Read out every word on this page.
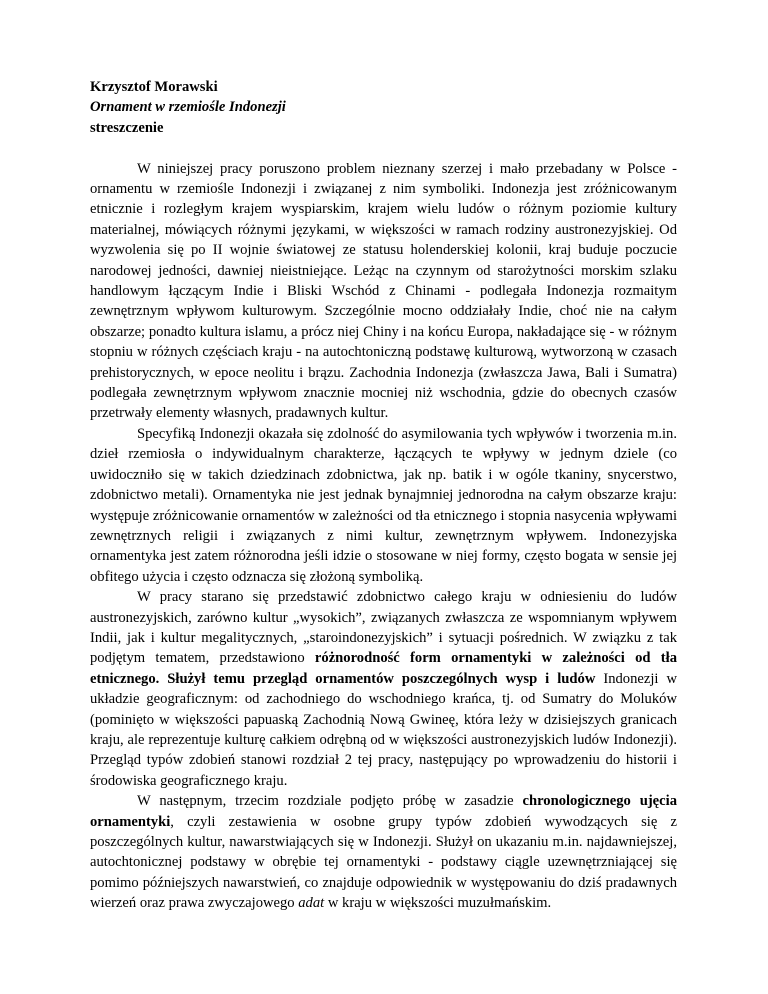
Krzysztof Morawski
Ornament w rzemiośle Indonezji
streszczenie

W niniejszej pracy poruszono problem nieznany szerzej i mało przebadany w Polsce - ornamentu w rzemiośle Indonezji i związanej z nim symboliki. Indonezja jest zróżnicowanym etnicznie i rozległym krajem wyspiarskim, krajem wielu ludów o różnym poziomie kultury materialnej, mówiących różnymi językami, w większości w ramach rodziny austronezyjskiej. Od wyzwolenia się po II wojnie światowej ze statusu holenderskiej kolonii, kraj buduje poczucie narodowej jedności, dawniej nieistniejące. Leżąc na czynnym od starożytności morskim szlaku handlowym łączącym Indie i Bliski Wschód z Chinami - podlegała Indonezja rozmaitym zewnętrznym wpływom kulturowym. Szczególnie mocno oddziałały Indie, choć nie na całym obszarze; ponadto kultura islamu, a prócz niej Chiny i na końcu Europa, nakładające się - w różnym stopniu w różnych częściach kraju - na autochtoniczną podstawę kulturową, wytworzoną w czasach prehistorycznych, w epoce neolitu i brązu. Zachodnia Indonezja (zwłaszcza Jawa, Bali i Sumatra) podlegała zewnętrznym wpływom znacznie mocniej niż wschodnia, gdzie do obecnych czasów przetrwały elementy własnych, pradawnych kultur.

Specyfiką Indonezji okazała się zdolność do asymilowania tych wpływów i tworzenia m.in. dzieł rzemiosła o indywidualnym charakterze, łączących te wpływy w jednym dziele (co uwidoczniło się w takich dziedzinach zdobnictwa, jak np. batik i w ogóle tkaniny, snycerstwo, zdobnictwo metali). Ornamentyka nie jest jednak bynajmniej jednorodna na całym obszarze kraju: występuje zróżnicowanie ornamentów w zależności od tła etnicznego i stopnia nasycenia wpływami zewnętrznych religii i związanych z nimi kultur, zewnętrznym wpływem. Indonezyjska ornamentyka jest zatem różnorodna jeśli idzie o stosowane w niej formy, często bogata w sensie jej obfitego użycia i często odznacza się złożoną symboliką.

W pracy starano się przedstawić zdobnictwo całego kraju w odniesieniu do ludów austronezyjskich, zarówno kultur „wysokich”, związanych zwłaszcza ze wspomnianym wpływem Indii, jak i kultur megalitycznych, „staroindonezyjskich” i sytuacji pośrednich. W związku z tak podjętym tematem, przedstawiono różnorodność form ornamentyki w zależności od tła etnicznego. Służył temu przegląd ornamentów poszczególnych wysp i ludów Indonezji w układzie geograficznym: od zachodniego do wschodniego krańca, tj. od Sumatry do Moluków (pominięto w większości papuaską Zachodnią Nową Gwineę, która leży w dzisiejszych granicach kraju, ale reprezentuje kulturę całkiem odrębną od w większości austronezyjskich ludów Indonezji). Przegląd typów zdobień stanowi rozdział 2 tej pracy, następujący po wprowadzeniu do historii i środowiska geograficznego kraju.

W następnym, trzecim rozdziale podjęto próbę w zasadzie chronologicznego ujęcia ornamentyki, czyli zestawienia w osobne grupy typów zdobień wywodzących się z poszczególnych kultur, nawarstwiających się w Indonezji. Służył on ukazaniu m.in. najdawniejszej, autochtonicznej podstawy w obrębie tej ornamentyki - podstawy ciągle uzewnętrzniającej się pomimo późniejszych nawarstwień, co znajduje odpowiednik w występowaniu do dziś pradawnych wierzeń oraz prawa zwyczajowego adat w kraju w większości muzułmańskim.
